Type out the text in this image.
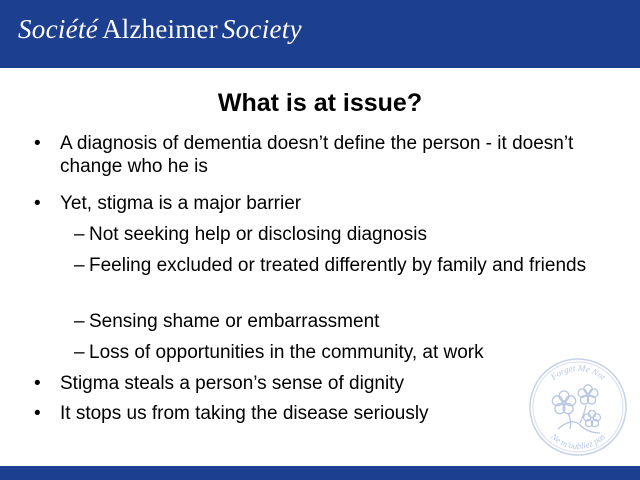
Société Alzheimer Society
What is at issue?
• A diagnosis of dementia doesn’t define the person - it doesn’t change who he is
• Yet, stigma is a major barrier
– Not seeking help or disclosing diagnosis
– Feeling excluded or treated differently by family and friends
– Sensing shame or embarrassment
– Loss of opportunities in the community, at work
• Stigma steals a person’s sense of dignity
• It stops us from taking the disease seriously
Forget Me Not
Ne m'oubliez pas
